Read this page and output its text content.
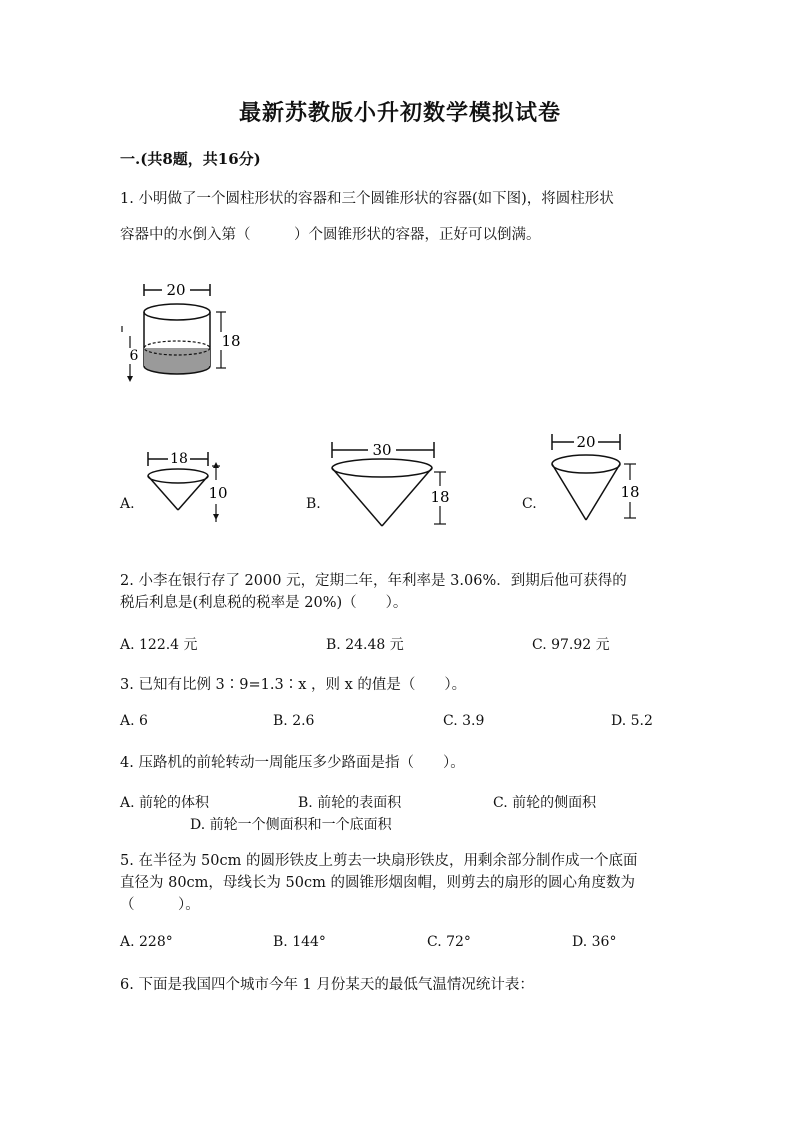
最新苏教版小升初数学模拟试卷
一.(共8题，共16分)
1. 小明做了一个圆柱形状的容器和三个圆锥形状的容器(如下图)，将圆柱形状
容器中的水倒入第（　　　）个圆锥形状的容器，正好可以倒满。
20
18
6
A.
18
10
B.
30
18	C.
20
18
2. 小李在银行存了 2000 元，定期二年，年利率是 3.06%．到期后他可获得的
税后利息是(利息税的税率是 20%)（　　）。
A. 122.4 元	B. 24.48 元	C. 97.92 元
3. 已知有比例 3∶9=1.3∶x ，则 x 的值是（　　）。
A. 6	B. 2.6	C. 3.9	D. 5.2
4. 压路机的前轮转动一周能压多少路面是指（　　）。
A. 前轮的体积	B. 前轮的表面积	C. 前轮的侧面积
D. 前轮一个侧面积和一个底面积
5. 在半径为 50cm 的圆形铁皮上剪去一块扇形铁皮，用剩余部分制作成一个底面
直径为 80cm，母线长为 50cm 的圆锥形烟囱帽，则剪去的扇形的圆心角度数为
（　　　）。
A. 228°	B. 144°	C. 72°	D. 36°
6. 下面是我国四个城市今年 1 月份某天的最低气温情况统计表：
